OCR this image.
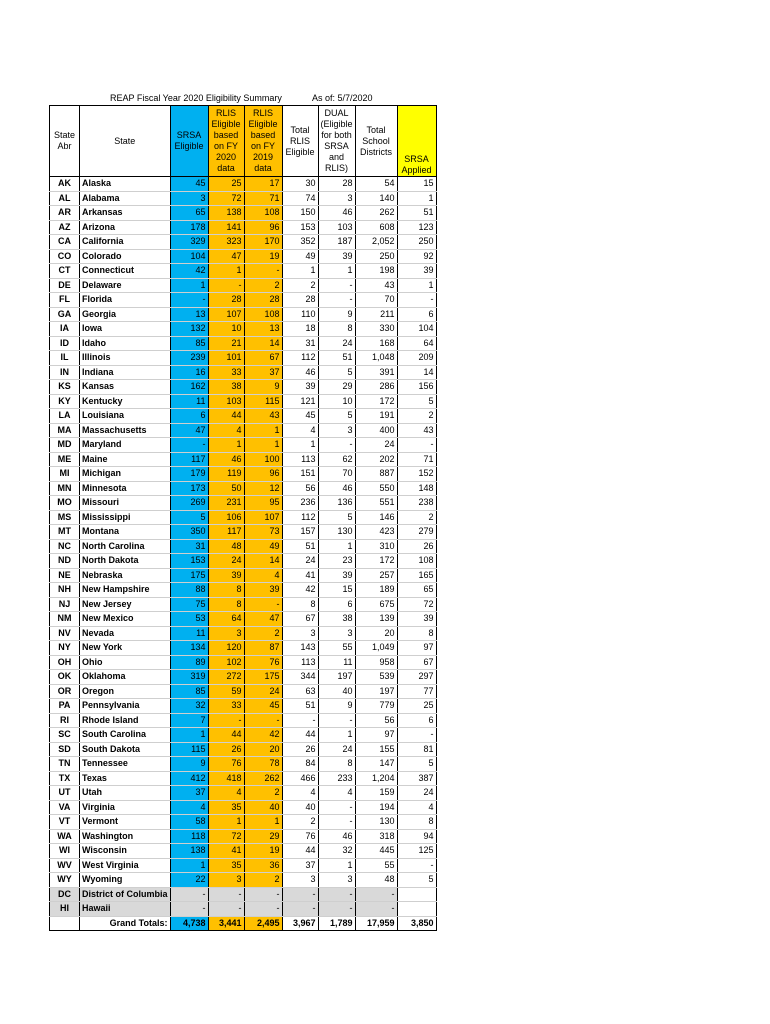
REAP Fiscal Year 2020 Eligibility Summary	As of: 5/7/2020
State Abr	State	SRSA Eligible	RLIS Eligible based on FY 2020 data	RLIS Eligible based on FY 2019 data	Total RLIS Eligible	DUAL (Eligible for both SRSA and RLIS)	Total School Districts	SRSA Applied
AK	Alaska	45	25	17	30	28	54	15
AL	Alabama	3	72	71	74	3	140	1
AR	Arkansas	65	138	108	150	46	262	51
AZ	Arizona	178	141	96	153	103	608	123
CA	California	329	323	170	352	187	2,052	250
CO	Colorado	104	47	19	49	39	250	92
CT	Connecticut	42	1	-	1	1	198	39
DE	Delaware	1	-	2	2	-	43	1
FL	Florida	-	28	28	28	-	70	-
GA	Georgia	13	107	108	110	9	211	6
IA	Iowa	132	10	13	18	8	330	104
ID	Idaho	85	21	14	31	24	168	64
IL	Illinois	239	101	67	112	51	1,048	209
IN	Indiana	16	33	37	46	5	391	14
KS	Kansas	162	38	9	39	29	286	156
KY	Kentucky	11	103	115	121	10	172	5
LA	Louisiana	6	44	43	45	5	191	2
MA	Massachusetts	47	4	1	4	3	400	43
MD	Maryland	-	1	1	1	-	24	-
ME	Maine	117	46	100	113	62	202	71
MI	Michigan	179	119	96	151	70	887	152
MN	Minnesota	173	50	12	56	46	550	148
MO	Missouri	269	231	95	236	136	551	238
MS	Mississippi	5	106	107	112	5	146	2
MT	Montana	350	117	73	157	130	423	279
NC	North Carolina	31	48	49	51	1	310	26
ND	North Dakota	153	24	14	24	23	172	108
NE	Nebraska	175	39	4	41	39	257	165
NH	New Hampshire	88	8	39	42	15	189	65
NJ	New Jersey	75	8	-	8	6	675	72
NM	New Mexico	53	64	47	67	38	139	39
NV	Nevada	11	3	2	3	3	20	8
NY	New York	134	120	87	143	55	1,049	97
OH	Ohio	89	102	76	113	11	958	67
OK	Oklahoma	319	272	175	344	197	539	297
OR	Oregon	85	59	24	63	40	197	77
PA	Pennsylvania	32	33	45	51	9	779	25
RI	Rhode Island	7	-	-	-	-	56	6
SC	South Carolina	1	44	42	44	1	97	-
SD	South Dakota	115	26	20	26	24	155	81
TN	Tennessee	9	76	78	84	8	147	5
TX	Texas	412	418	262	466	233	1,204	387
UT	Utah	37	4	2	4	4	159	24
VA	Virginia	4	35	40	40	-	194	4
VT	Vermont	58	1	1	2	-	130	8
WA	Washington	118	72	29	76	46	318	94
WI	Wisconsin	138	41	19	44	32	445	125
WV	West Virginia	1	35	36	37	1	55	-
WY	Wyoming	22	3	2	3	3	48	5
DC	District of Columbia	-	-	-	-	-	-	
HI	Hawaii	-	-	-	-	-	-	
	Grand Totals:	4,738	3,441	2,495	3,967	1,789	17,959	3,850
